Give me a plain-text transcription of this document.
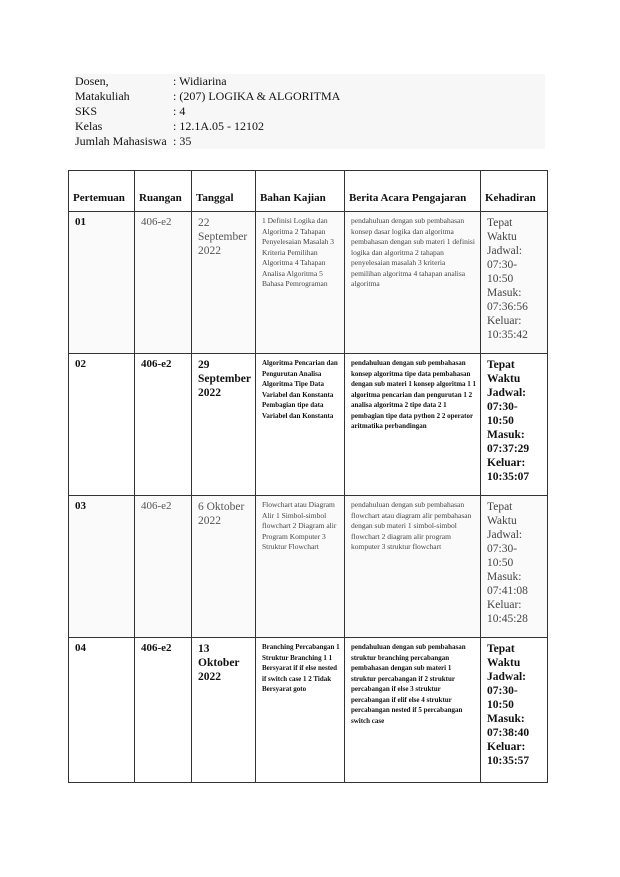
Dosen,	: Widiarina
Matakuliah	: (207) LOGIKA & ALGORITMA
SKS	: 4
Kelas	: 12.1A.05 - 12102
Jumlah Mahasiswa	: 35
Pertemuan	Ruangan	Tanggal	Bahan Kajian	Berita Acara Pengajaran	Kehadiran
01	406-e2	22 September 2022	1 Definisi Logika dan Algoritma 2 Tahapan Penyelesaian Masalah 3 Kriteria Pemilihan Algoritma 4 Tahapan Analisa Algoritma 5 Bahasa Pemrograman	pendahuluan dengan sub pembahasan konsep dasar logika dan algoritma pembahasan dengan sub materi 1 definisi logika dan algoritma 2 tahapan penyelesaian masalah 3 kriteria pemilihan algoritma 4 tahapan analisa algoritma	Tepat Waktu Jadwal: 07:30- 10:50 Masuk: 07:36:56 Keluar: 10:35:42
02	406-e2	29 September 2022	Algoritma Pencarian dan Pengurutan Analisa Algoritma Tipe Data Variabel dan Konstanta Pembagian tipe data Variabel dan Konstanta	pendahuluan dengan sub pembahasan konsep algoritma tipe data pembahasan dengan sub materi 1 konsep algoritma 1 1 algoritma pencarian dan pengurutan 1 2 analisa algoritma 2 tipe data 2 1 pembagian tipe data python 2 2 operator aritmatika perbandingan	Tepat Waktu Jadwal: 07:30- 10:50 Masuk: 07:37:29 Keluar: 10:35:07
03	406-e2	6 Oktober 2022	Flowchart atau Diagram Alir 1 Simbol-simbol flowchart 2 Diagram alir Program Komputer 3 Struktur Flowchart	pendahuluan dengan sub pembahasan flowchart atau diagram alir pembahasan dengan sub materi 1 simbol-simbol flowchart 2 diagram alir program komputer 3 struktur flowchart	Tepat Waktu Jadwal: 07:30- 10:50 Masuk: 07:41:08 Keluar: 10:45:28
04	406-e2	13 Oktober 2022	Branching Percabangan 1 Struktur Branching 1 1 Bersyarat if if else nested if switch case 1 2 Tidak Bersyarat goto	pendahuluan dengan sub pembahasan struktur branching percabangan pembahasan dengan sub materi 1 struktur percabangan if 2 struktur percabangan if else 3 struktur percabangan if elif else 4 struktur percabangan nested if 5 percabangan switch case	Tepat Waktu Jadwal: 07:30- 10:50 Masuk: 07:38:40 Keluar: 10:35:57
